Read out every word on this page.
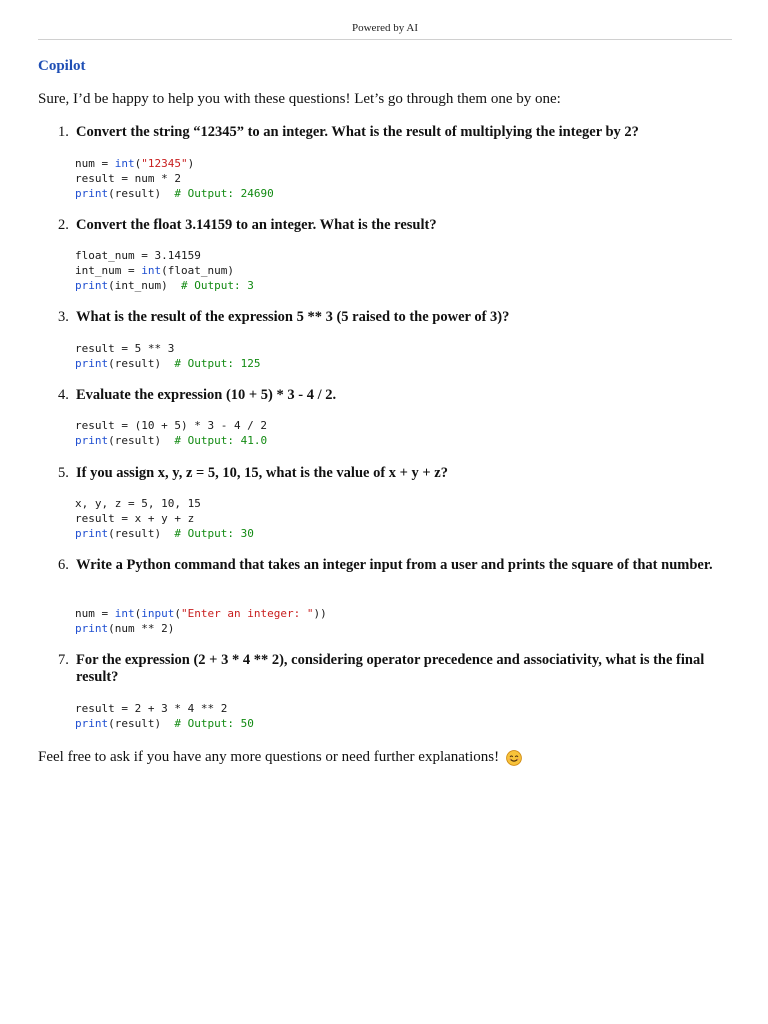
Powered by AI
Copilot
Sure, I’d be happy to help you with these questions! Let’s go through them one by one:
1. Convert the string “12345” to an integer. What is the result of multiplying the integer by 2?
num = int("12345")
result = num * 2
print(result)  # Output: 24690
2. Convert the float 3.14159 to an integer. What is the result?
float_num = 3.14159
int_num = int(float_num)
print(int_num)  # Output: 3
3. What is the result of the expression 5 ** 3 (5 raised to the power of 3)?
result = 5 ** 3
print(result)  # Output: 125
4. Evaluate the expression (10 + 5) * 3 - 4 / 2.
result = (10 + 5) * 3 - 4 / 2
print(result)  # Output: 41.0
5. If you assign x, y, z = 5, 10, 15, what is the value of x + y + z?
x, y, z = 5, 10, 15
result = x + y + z
print(result)  # Output: 30
6. Write a Python command that takes an integer input from a user and prints the square of that number.
num = int(input("Enter an integer: "))
print(num ** 2)
7. For the expression (2 + 3 * 4 ** 2), considering operator precedence and associativity, what is the final result?
result = 2 + 3 * 4 ** 2
print(result)  # Output: 50
Feel free to ask if you have any more questions or need further explanations!
